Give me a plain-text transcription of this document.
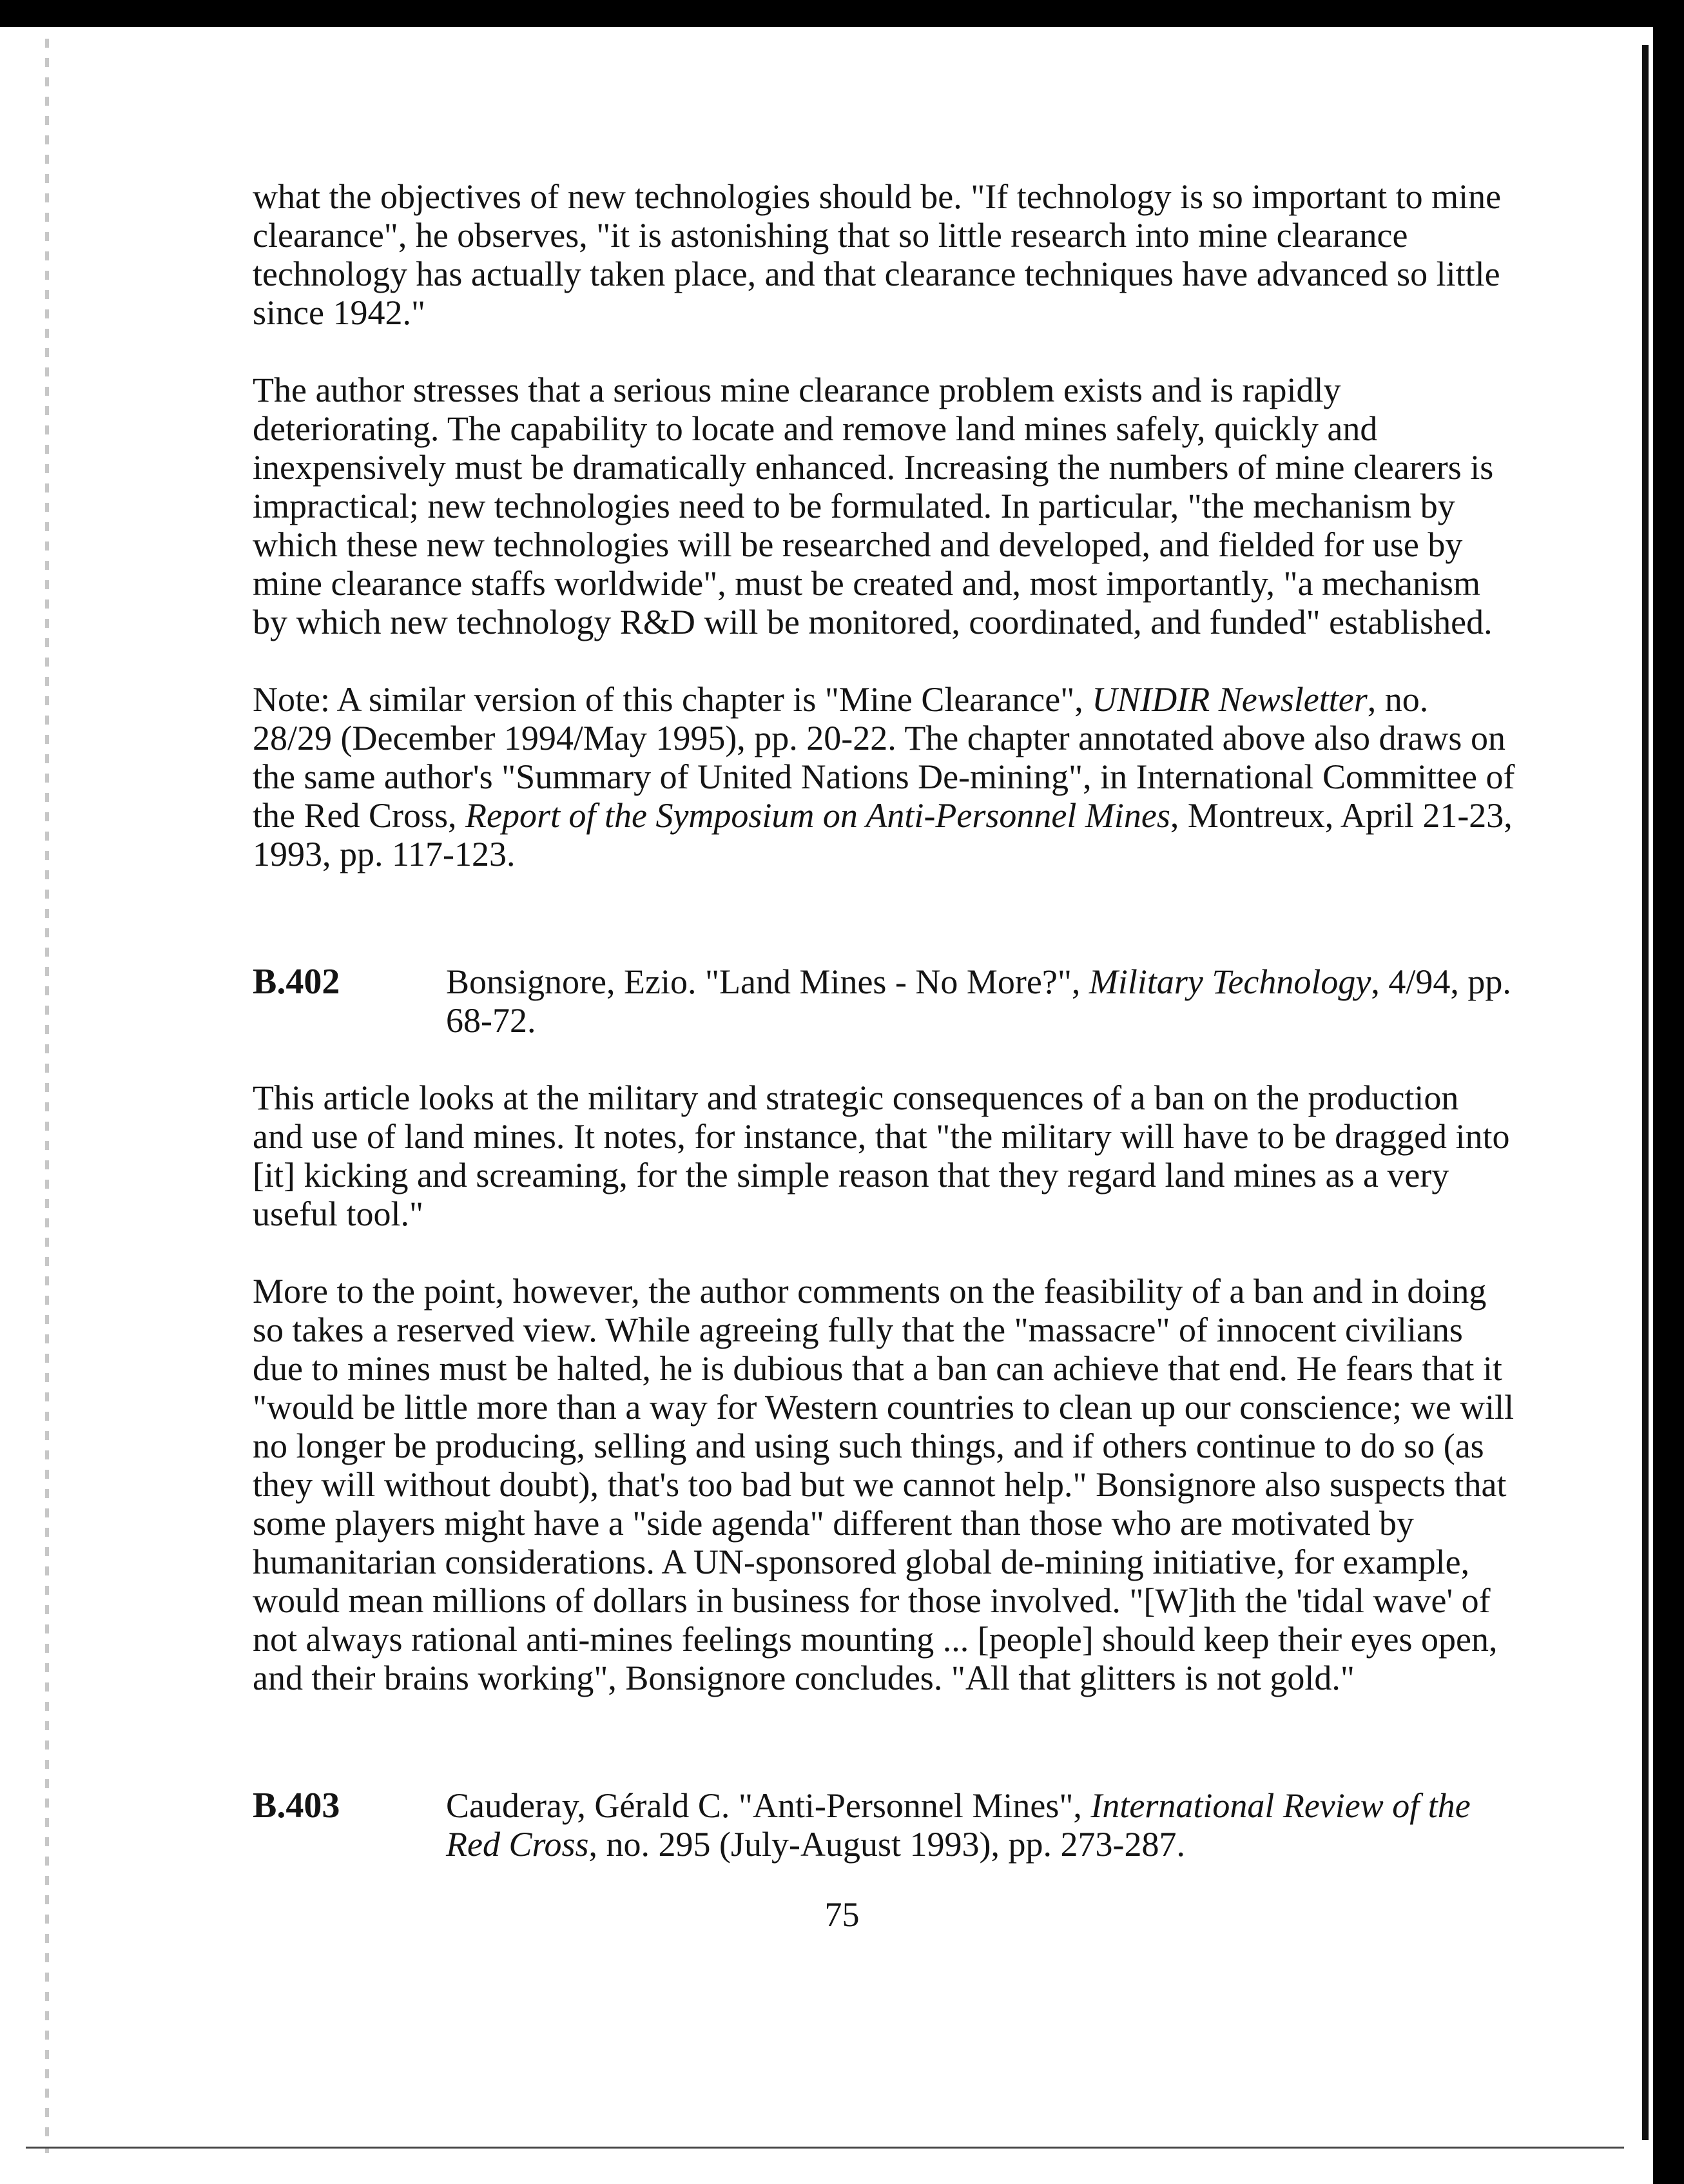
what the objectives of new technologies should be. "If technology is so important to mine clearance", he observes, "it is astonishing that so little research into mine clearance technology has actually taken place, and that clearance techniques have advanced so little since 1942."

The author stresses that a serious mine clearance problem exists and is rapidly deteriorating. The capability to locate and remove land mines safely, quickly and inexpensively must be dramatically enhanced. Increasing the numbers of mine clearers is impractical; new technologies need to be formulated. In particular, "the mechanism by which these new technologies will be researched and developed, and fielded for use by mine clearance staffs worldwide", must be created and, most importantly, "a mechanism by which new technology R&D will be monitored, coordinated, and funded" established.

Note: A similar version of this chapter is "Mine Clearance", UNIDIR Newsletter, no. 28/29 (December 1994/May 1995), pp. 20-22. The chapter annotated above also draws on the same author's "Summary of United Nations De-mining", in International Committee of the Red Cross, Report of the Symposium on Anti-Personnel Mines, Montreux, April 21-23, 1993, pp. 117-123.

B.402	Bonsignore, Ezio. "Land Mines - No More?", Military Technology, 4/94, pp. 68-72.

This article looks at the military and strategic consequences of a ban on the production and use of land mines. It notes, for instance, that "the military will have to be dragged into [it] kicking and screaming, for the simple reason that they regard land mines as a very useful tool."

More to the point, however, the author comments on the feasibility of a ban and in doing so takes a reserved view. While agreeing fully that the "massacre" of innocent civilians due to mines must be halted, he is dubious that a ban can achieve that end. He fears that it "would be little more than a way for Western countries to clean up our conscience; we will no longer be producing, selling and using such things, and if others continue to do so (as they will without doubt), that's too bad but we cannot help." Bonsignore also suspects that some players might have a "side agenda" different than those who are motivated by humanitarian considerations. A UN-sponsored global de-mining initiative, for example, would mean millions of dollars in business for those involved. "[W]ith the 'tidal wave' of not always rational anti-mines feelings mounting ... [people] should keep their eyes open, and their brains working", Bonsignore concludes. "All that glitters is not gold."

B.403	Cauderay, Gérald C. "Anti-Personnel Mines", International Review of the Red Cross, no. 295 (July-August 1993), pp. 273-287.
75
